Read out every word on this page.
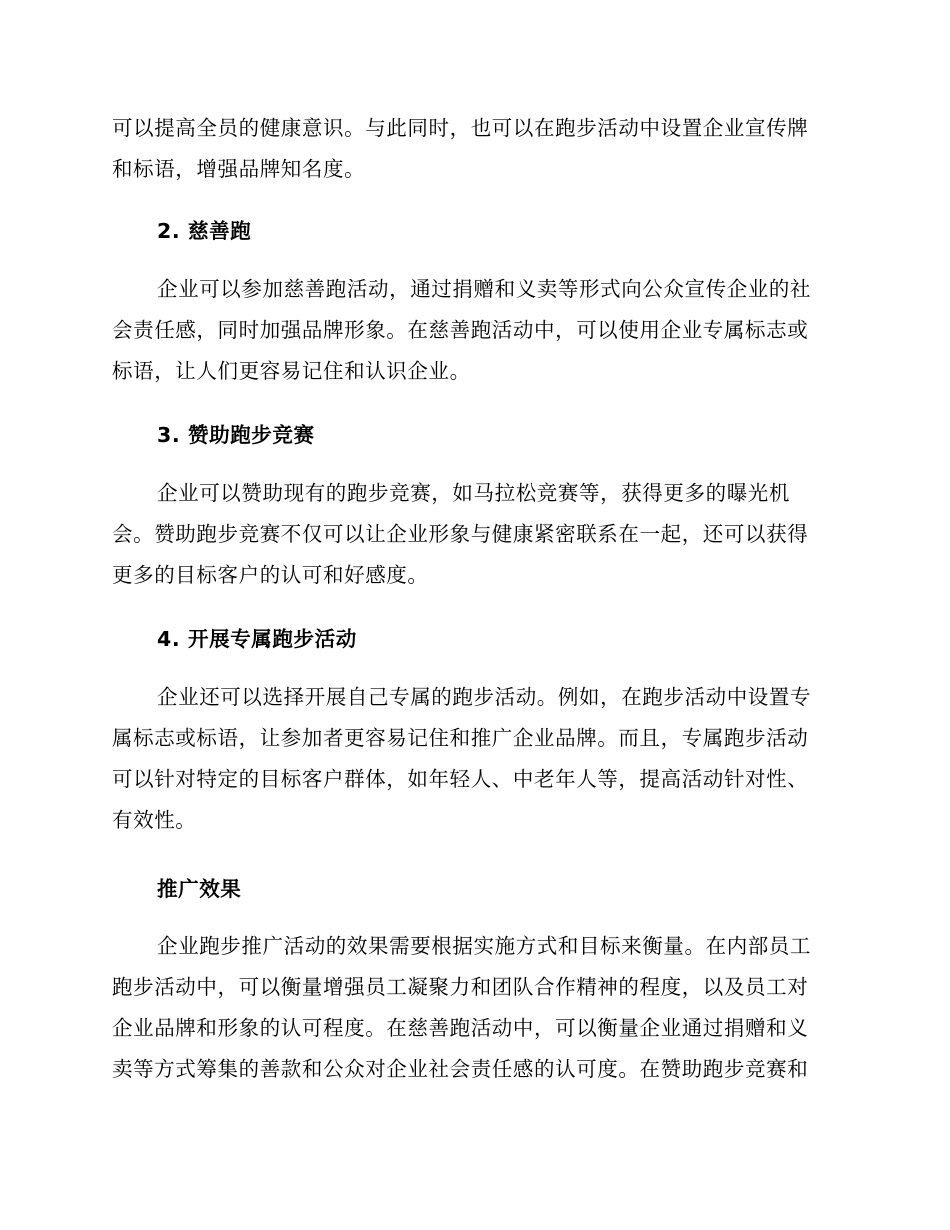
可以提高全员的健康意识。与此同时，也可以在跑步活动中设置企业宣传牌
和标语，增强品牌知名度。

2. 慈善跑

企业可以参加慈善跑活动，通过捐赠和义卖等形式向公众宣传企业的社
会责任感，同时加强品牌形象。在慈善跑活动中，可以使用企业专属标志或
标语，让人们更容易记住和认识企业。

3. 赞助跑步竞赛

企业可以赞助现有的跑步竞赛，如马拉松竞赛等，获得更多的曝光机
会。赞助跑步竞赛不仅可以让企业形象与健康紧密联系在一起，还可以获得
更多的目标客户的认可和好感度。

4. 开展专属跑步活动

企业还可以选择开展自己专属的跑步活动。例如，在跑步活动中设置专
属标志或标语，让参加者更容易记住和推广企业品牌。而且，专属跑步活动
可以针对特定的目标客户群体，如年轻人、中老年人等，提高活动针对性、
有效性。

推广效果

企业跑步推广活动的效果需要根据实施方式和目标来衡量。在内部员工
跑步活动中，可以衡量增强员工凝聚力和团队合作精神的程度，以及员工对
企业品牌和形象的认可程度。在慈善跑活动中，可以衡量企业通过捐赠和义
卖等方式筹集的善款和公众对企业社会责任感的认可度。在赞助跑步竞赛和
